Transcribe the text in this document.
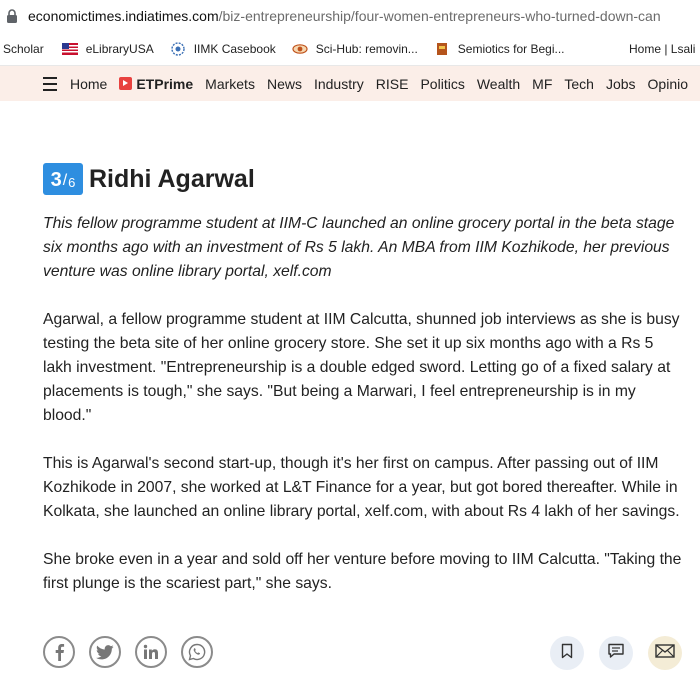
economictimes.indiatimes.com/biz-entrepreneurship/four-women-entrepreneurs-who-turned-down-can
Scholar	eLibraryUSA	IIMK Casebook	Sci-Hub: removin...	Semiotics for Begi...	Home | Lsali
Home ETPrime Markets News Industry RISE Politics Wealth MF Tech Jobs Opinio
3 / 6 Ridhi Agarwal

This fellow programme student at IIM-C launched an online grocery portal in the beta stage six months ago with an investment of Rs 5 lakh. An MBA from IIM Kozhikode, her previous venture was online library portal, xelf.com

Agarwal, a fellow programme student at IIM Calcutta, shunned job interviews as she is busy testing the beta site of her online grocery store. She set it up six months ago with a Rs 5 lakh investment. "Entrepreneurship is a double edged sword. Letting go of a fixed salary at placements is tough," she says. "But being a Marwari, I feel entrepreneurship is in my blood."

This is Agarwal's second start-up, though it's her first on campus. After passing out of IIM Kozhikode in 2007, she worked at L&T Finance for a year, but got bored thereafter. While in Kolkata, she launched an online library portal, xelf.com, with about Rs 4 lakh of her savings.

She broke even in a year and sold off her venture before moving to IIM Calcutta. "Taking the first plunge is the scariest part," she says.
